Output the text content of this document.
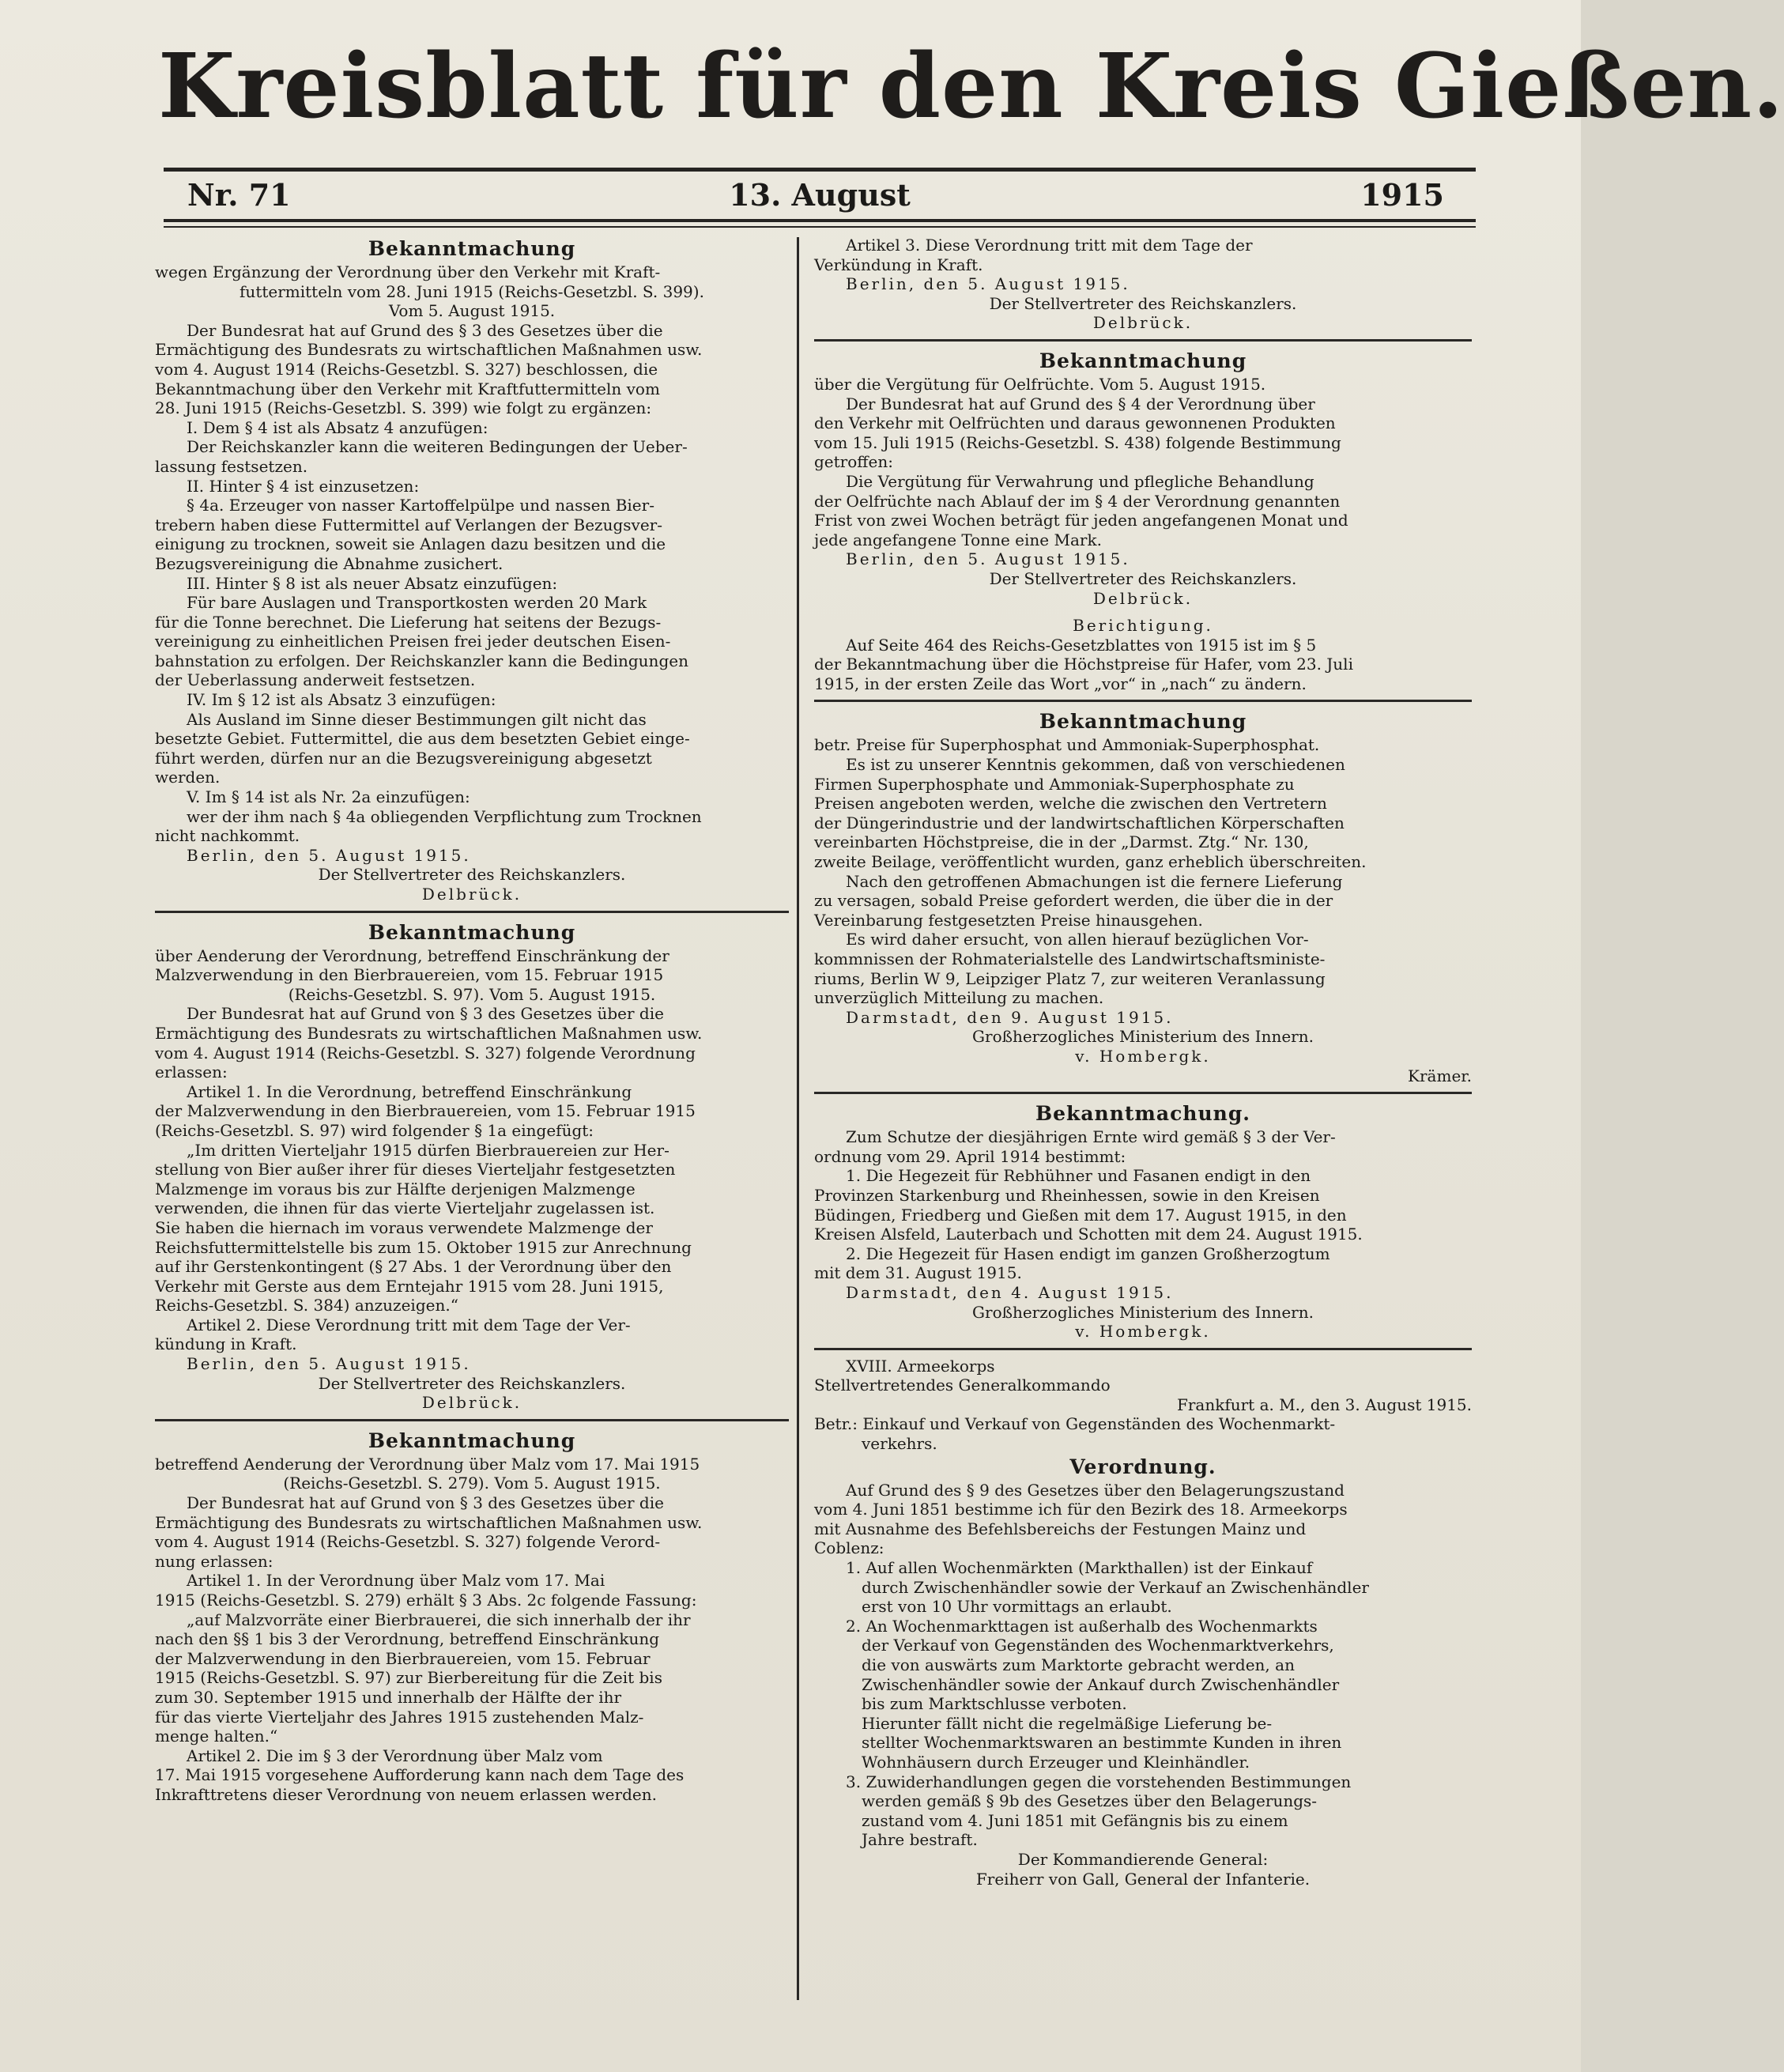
Kreisblatt für den Kreis Gießen.
Nr. 71	13. August	1915

Bekanntmachung

wegen Ergänzung der Verordnung über den Verkehr mit Kraft-

futtermitteln vom 28. Juni 1915 (Reichs-Gesetzbl. S. 399).

Vom 5. August 1915.

Der Bundesrat hat auf Grund des § 3 des Gesetzes über die

Ermächtigung des Bundesrats zu wirtschaftlichen Maßnahmen usw.

vom 4. August 1914 (Reichs-Gesetzbl. S. 327) beschlossen, die

Bekanntmachung über den Verkehr mit Kraftfuttermitteln vom

28. Juni 1915 (Reichs-Gesetzbl. S. 399) wie folgt zu ergänzen:

I. Dem § 4 ist als Absatz 4 anzufügen:

Der Reichskanzler kann die weiteren Bedingungen der Ueber-

lassung festsetzen.

II. Hinter § 4 ist einzusetzen:

§ 4a. Erzeuger von nasser Kartoffelpülpe und nassen Bier-

trebern haben diese Futtermittel auf Verlangen der Bezugsver-

einigung zu trocknen, soweit sie Anlagen dazu besitzen und die

Bezugsvereinigung die Abnahme zusichert.

III. Hinter § 8 ist als neuer Absatz einzufügen:

Für bare Auslagen und Transportkosten werden 20 Mark

für die Tonne berechnet. Die Lieferung hat seitens der Bezugs-

vereinigung zu einheitlichen Preisen frei jeder deutschen Eisen-

bahnstation zu erfolgen. Der Reichskanzler kann die Bedingungen

der Ueberlassung anderweit festsetzen.

IV. Im § 12 ist als Absatz 3 einzufügen:

Als Ausland im Sinne dieser Bestimmungen gilt nicht das

besetzte Gebiet. Futtermittel, die aus dem besetzten Gebiet einge-

führt werden, dürfen nur an die Bezugsvereinigung abgesetzt

werden.

V. Im § 14 ist als Nr. 2a einzufügen:

wer der ihm nach § 4a obliegenden Verpflichtung zum Trocknen

nicht nachkommt.

Berlin, den 5. August 1915.

Der Stellvertreter des Reichskanzlers.

Delbrück.

Bekanntmachung

über Aenderung der Verordnung, betreffend Einschränkung der

Malzverwendung in den Bierbrauereien, vom 15. Februar 1915

(Reichs-Gesetzbl. S. 97). Vom 5. August 1915.

Der Bundesrat hat auf Grund von § 3 des Gesetzes über die

Ermächtigung des Bundesrats zu wirtschaftlichen Maßnahmen usw.

vom 4. August 1914 (Reichs-Gesetzbl. S. 327) folgende Verordnung

erlassen:

Artikel 1. In die Verordnung, betreffend Einschränkung

der Malzverwendung in den Bierbrauereien, vom 15. Februar 1915

(Reichs-Gesetzbl. S. 97) wird folgender § 1a eingefügt:

„Im dritten Vierteljahr 1915 dürfen Bierbrauereien zur Her-

stellung von Bier außer ihrer für dieses Vierteljahr festgesetzten

Malzmenge im voraus bis zur Hälfte derjenigen Malzmenge

verwenden, die ihnen für das vierte Vierteljahr zugelassen ist.

Sie haben die hiernach im voraus verwendete Malzmenge der

Reichsfuttermittelstelle bis zum 15. Oktober 1915 zur Anrechnung

auf ihr Gerstenkontingent (§ 27 Abs. 1 der Verordnung über den

Verkehr mit Gerste aus dem Erntejahr 1915 vom 28. Juni 1915,

Reichs-Gesetzbl. S. 384) anzuzeigen.“

Artikel 2. Diese Verordnung tritt mit dem Tage der Ver-

kündung in Kraft.

Berlin, den 5. August 1915.

Der Stellvertreter des Reichskanzlers.

Delbrück.

Bekanntmachung

betreffend Aenderung der Verordnung über Malz vom 17. Mai 1915

(Reichs-Gesetzbl. S. 279). Vom 5. August 1915.

Der Bundesrat hat auf Grund von § 3 des Gesetzes über die

Ermächtigung des Bundesrats zu wirtschaftlichen Maßnahmen usw.

vom 4. August 1914 (Reichs-Gesetzbl. S. 327) folgende Verord-

nung erlassen:

Artikel 1. In der Verordnung über Malz vom 17. Mai

1915 (Reichs-Gesetzbl. S. 279) erhält § 3 Abs. 2c folgende Fassung:

„auf Malzvorräte einer Bierbrauerei, die sich innerhalb der ihr

nach den §§ 1 bis 3 der Verordnung, betreffend Einschränkung

der Malzverwendung in den Bierbrauereien, vom 15. Februar

1915 (Reichs-Gesetzbl. S. 97) zur Bierbereitung für die Zeit bis

zum 30. September 1915 und innerhalb der Hälfte der ihr

für das vierte Vierteljahr des Jahres 1915 zustehenden Malz-

menge halten.“

Artikel 2. Die im § 3 der Verordnung über Malz vom

17. Mai 1915 vorgesehene Aufforderung kann nach dem Tage des

Inkrafttretens dieser Verordnung von neuem erlassen werden.

Artikel 3. Diese Verordnung tritt mit dem Tage der

Verkündung in Kraft.

Berlin, den 5. August 1915.

Der Stellvertreter des Reichskanzlers.

Delbrück.

Bekanntmachung

über die Vergütung für Oelfrüchte. Vom 5. August 1915.

Der Bundesrat hat auf Grund des § 4 der Verordnung über

den Verkehr mit Oelfrüchten und daraus gewonnenen Produkten

vom 15. Juli 1915 (Reichs-Gesetzbl. S. 438) folgende Bestimmung

getroffen:

Die Vergütung für Verwahrung und pflegliche Behandlung

der Oelfrüchte nach Ablauf der im § 4 der Verordnung genannten

Frist von zwei Wochen beträgt für jeden angefangenen Monat und

jede angefangene Tonne eine Mark.

Berlin, den 5. August 1915.

Der Stellvertreter des Reichskanzlers.

Delbrück.

Berichtigung.

Auf Seite 464 des Reichs-Gesetzblattes von 1915 ist im § 5

der Bekanntmachung über die Höchstpreise für Hafer, vom 23. Juli

1915, in der ersten Zeile das Wort „vor“ in „nach“ zu ändern.

Bekanntmachung

betr. Preise für Superphosphat und Ammoniak-Superphosphat.

Es ist zu unserer Kenntnis gekommen, daß von verschiedenen

Firmen Superphosphate und Ammoniak-Superphosphate zu

Preisen angeboten werden, welche die zwischen den Vertretern

der Düngerindustrie und der landwirtschaftlichen Körperschaften

vereinbarten Höchstpreise, die in der „Darmst. Ztg.“ Nr. 130,

zweite Beilage, veröffentlicht wurden, ganz erheblich überschreiten.

Nach den getroffenen Abmachungen ist die fernere Lieferung

zu versagen, sobald Preise gefordert werden, die über die in der

Vereinbarung festgesetzten Preise hinausgehen.

Es wird daher ersucht, von allen hierauf bezüglichen Vor-

kommnissen der Rohmaterialstelle des Landwirtschaftsministe-

riums, Berlin W 9, Leipziger Platz 7, zur weiteren Veranlassung

unverzüglich Mitteilung zu machen.

Darmstadt, den 9. August 1915.

Großherzogliches Ministerium des Innern.

v. Hombergk.

Krämer.

Bekanntmachung.

Zum Schutze der diesjährigen Ernte wird gemäß § 3 der Ver-

ordnung vom 29. April 1914 bestimmt:

1. Die Hegezeit für Rebhühner und Fasanen endigt in den

Provinzen Starkenburg und Rheinhessen, sowie in den Kreisen

Büdingen, Friedberg und Gießen mit dem 17. August 1915, in den

Kreisen Alsfeld, Lauterbach und Schotten mit dem 24. August 1915.

2. Die Hegezeit für Hasen endigt im ganzen Großherzogtum

mit dem 31. August 1915.

Darmstadt, den 4. August 1915.

Großherzogliches Ministerium des Innern.

v. Hombergk.

XVIII. Armeekorps

Stellvertretendes Generalkommando

Frankfurt a. M., den 3. August 1915.

Betr.: Einkauf und Verkauf von Gegenständen des Wochenmarkt-

verkehrs.

Verordnung.

Auf Grund des § 9 des Gesetzes über den Belagerungszustand

vom 4. Juni 1851 bestimme ich für den Bezirk des 18. Armeekorps

mit Ausnahme des Befehlsbereichs der Festungen Mainz und

Coblenz:

1. Auf allen Wochenmärkten (Markthallen) ist der Einkauf

durch Zwischenhändler sowie der Verkauf an Zwischenhändler

erst von 10 Uhr vormittags an erlaubt.

2. An Wochenmarkttagen ist außerhalb des Wochenmarkts

der Verkauf von Gegenständen des Wochenmarktverkehrs,

die von auswärts zum Marktorte gebracht werden, an

Zwischenhändler sowie der Ankauf durch Zwischenhändler

bis zum Marktschlusse verboten.

Hierunter fällt nicht die regelmäßige Lieferung be-

stellter Wochenmarktswaren an bestimmte Kunden in ihren

Wohnhäusern durch Erzeuger und Kleinhändler.

3. Zuwiderhandlungen gegen die vorstehenden Bestimmungen

werden gemäß § 9b des Gesetzes über den Belagerungs-

zustand vom 4. Juni 1851 mit Gefängnis bis zu einem

Jahre bestraft.

Der Kommandierende General:

Freiherr von Gall, General der Infanterie.
